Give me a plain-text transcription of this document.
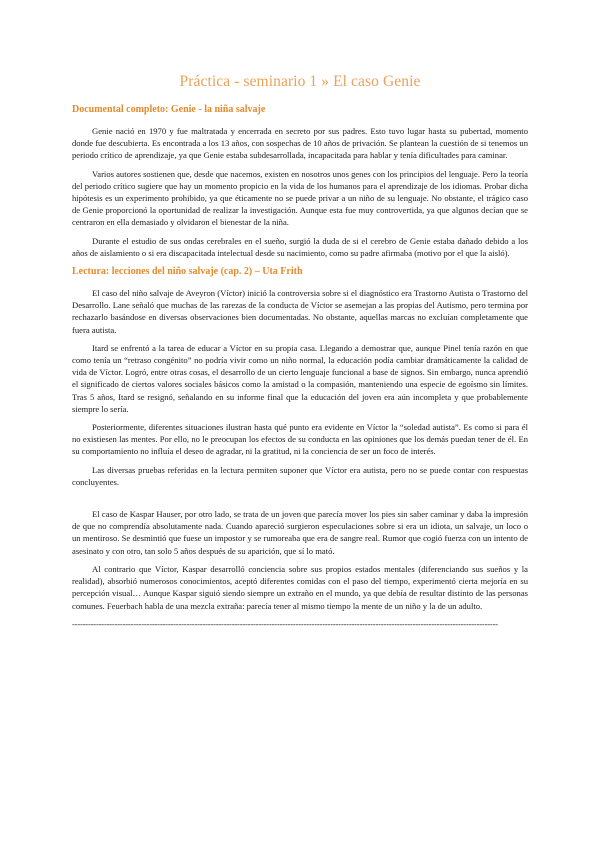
Práctica - seminario 1 » El caso Genie
Documental completo: Genie - la niña salvaje

Genie nació en 1970 y fue maltratada y encerrada en secreto por sus padres. Esto tuvo lugar hasta su pubertad, momento donde fue descubierta. Es encontrada a los 13 años, con sospechas de 10 años de privación. Se plantean la cuestión de si tenemos un periodo crítico de aprendizaje, ya que Genie estaba subdesarrollada, incapacitada para hablar y tenía dificultades para caminar.

Varios autores sostienen que, desde que nacemos, existen en nosotros unos genes con los principios del lenguaje. Pero la teoría del periodo crítico sugiere que hay un momento propicio en la vida de los humanos para el aprendizaje de los idiomas. Probar dicha hipótesis es un experimento prohibido, ya que éticamente no se puede privar a un niño de su lenguaje. No obstante, el trágico caso de Genie proporcionó la oportunidad de realizar la investigación. Aunque esta fue muy controvertida, ya que algunos decían que se centraron en ella demasiado y olvidaron el bienestar de la niña.

Durante el estudio de sus ondas cerebrales en el sueño, surgió la duda de si el cerebro de Genie estaba dañado debido a los años de aislamiento o si era discapacitada intelectual desde su nacimiento, como su padre afirmaba (motivo por el que la aisló).

Lectura: lecciones del niño salvaje (cap. 2) – Uta Frith

El caso del niño salvaje de Aveyron (Víctor) inició la controversia sobre si el diagnóstico era Trastorno Autista o Trastorno del Desarrollo. Lane señaló que muchas de las rarezas de la conducta de Víctor se asemejan a las propias del Autismo, pero termina por rechazarlo basándose en diversas observaciones bien documentadas. No obstante, aquellas marcas no excluían completamente que fuera autista.

Itard se enfrentó a la tarea de educar a Víctor en su propia casa. Llegando a demostrar que, aunque Pinel tenía razón en que como tenía un “retraso congénito” no podría vivir como un niño normal, la educación podía cambiar dramáticamente la calidad de vida de Víctor. Logró, entre otras cosas, el desarrollo de un cierto lenguaje funcional a base de signos. Sin embargo, nunca aprendió el significado de ciertos valores sociales básicos como la amistad o la compasión, manteniendo una especie de egoísmo sin límites. Tras 5 años, Itard se resignó, señalando en su informe final que la educación del joven era aún incompleta y que probablemente siempre lo sería.

Posteriormente, diferentes situaciones ilustran hasta qué punto era evidente en Víctor la “soledad autista”. Es como si para él no existiesen las mentes. Por ello, no le preocupan los efectos de su conducta en las opiniones que los demás puedan tener de él. En su comportamiento no influía el deseo de agradar, ni la gratitud, ni la conciencia de ser un foco de interés.

Las diversas pruebas referidas en la lectura permiten suponer que Víctor era autista, pero no se puede contar con respuestas concluyentes.

El caso de Kaspar Hauser, por otro lado, se trata de un joven que parecía mover los pies sin saber caminar y daba la impresión de que no comprendía absolutamente nada. Cuando apareció surgieron especulaciones sobre si era un idiota, un salvaje, un loco o un mentiroso. Se desmintió que fuese un impostor y se rumoreaba que era de sangre real. Rumor que cogió fuerza con un intento de asesinato y con otro, tan solo 5 años después de su aparición, que sí lo mató.

Al contrario que Víctor, Kaspar desarrolló conciencia sobre sus propios estados mentales (diferenciando sus sueños y la realidad), absorbió numerosos conocimientos, aceptó diferentes comidas con el paso del tiempo, experimentó cierta mejoría en su percepción visual… Aunque Kaspar siguió siendo siempre un extraño en el mundo, ya que debía de resultar distinto de las personas comunes. Feuerbach habla de una mezcla extraña: parecía tener al mismo tiempo la mente de un niño y la de un adulto.

----------------------------------------------------------------------------------------------------------------------------------------------------------------
